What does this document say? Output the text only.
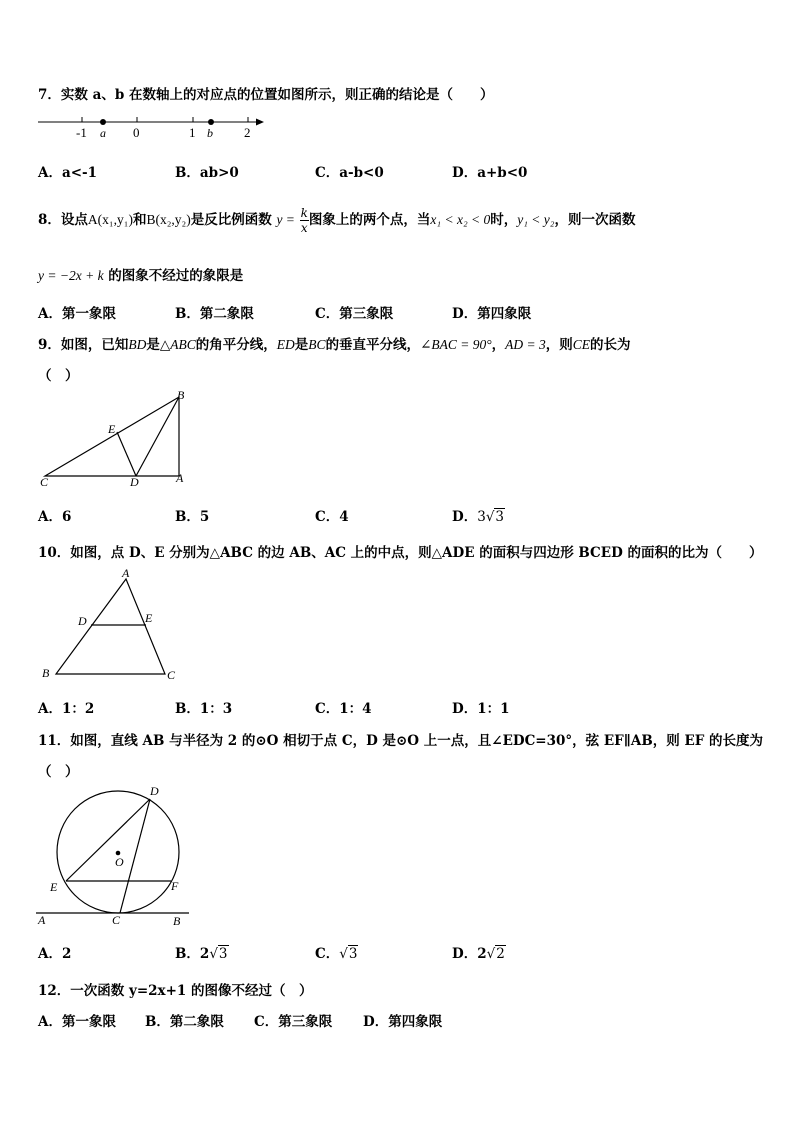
7．实数 a、b 在数轴上的对应点的位置如图所示，则正确的结论是（　　）
-1 a 0	1 b 2
A．a<-1	B．ab>0	C．a-b<0	D．a+b<0
8．设点A(x₁,y₁)和B(x₂,y₂)是反比例函数 $y = \frac{k}{x}$ 图象上的两个点，当x₁ < x₂ < 0时，y₁ < y₂，则一次函数
y = −2x + k 的图象不经过的象限是
A．第一象限	B．第二象限	C．第三象限	D．第四象限
9．如图，已知BD是△ABC的角平分线，ED是BC的垂直平分线，∠BAC = 90°，AD = 3，则CE的长为
（　）
B
E
C	D	A
A．6	B．5	C．4	D．3√3
10．如图，点 D、E 分别为△ABC 的边 AB、AC 上的中点，则△ADE 的面积与四边形 BCED 的面积的比为（　　）
A
D	E
B	C
A．1：2	B．1：3	C．1：4	D．1：1
11．如图，直线 AB 与半径为 2 的⊙O 相切于点 C，D 是⊙O 上一点，且∠EDC=30°，弦 EF∥AB，则 EF 的长度为
（　）
D
O
E	F
A	C	B
A．2	B．2√3	C．√3	D．2√2
12．一次函数 y=2x+1 的图像不经过（　）
A．第一象限 B．第二象限 C．第三象限 D．第四象限
